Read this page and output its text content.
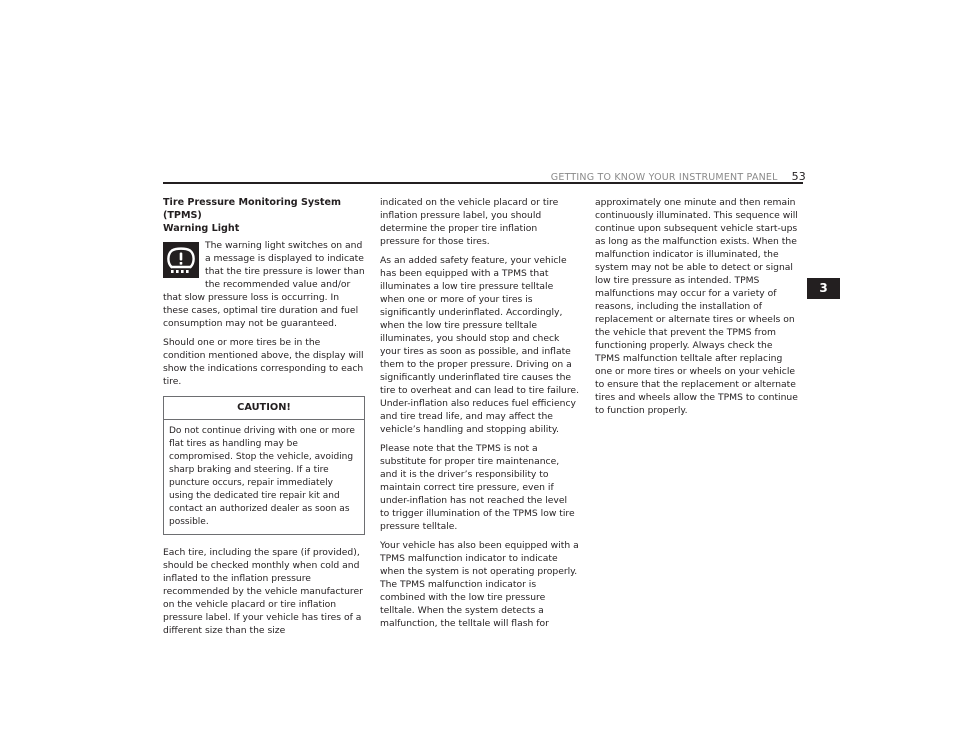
GETTING TO KNOW YOUR INSTRUMENT PANEL 53
3
Tire Pressure Monitoring System (TPMS)
Warning Light

The warning light switches on and a message is displayed to indicate that the tire pressure is lower than the recommended value and/or that slow pressure loss is occurring. In these cases, optimal tire duration and fuel consumption may not be guaranteed.

Should one or more tires be in the condition mentioned above, the display will show the indications corresponding to each tire.

CAUTION!
Do not continue driving with one or more flat tires as handling may be compromised. Stop the vehicle, avoiding sharp braking and steering. If a tire puncture occurs, repair immediately using the dedicated tire repair kit and contact an authorized dealer as soon as possible.

Each tire, including the spare (if provided), should be checked monthly when cold and inflated to the inflation pressure recommended by the vehicle manufacturer on the vehicle placard or tire inflation pressure label. If your vehicle has tires of a different size than the size

indicated on the vehicle placard or tire inflation pressure label, you should determine the proper tire inflation pressure for those tires.

As an added safety feature, your vehicle has been equipped with a TPMS that illuminates a low tire pressure telltale when one or more of your tires is significantly underinflated. Accordingly, when the low tire pressure telltale illuminates, you should stop and check your tires as soon as possible, and inflate them to the proper pressure. Driving on a significantly underinflated tire causes the tire to overheat and can lead to tire failure. Under-inflation also reduces fuel efficiency and tire tread life, and may affect the vehicle’s handling and stopping ability.

Please note that the TPMS is not a substitute for proper tire maintenance, and it is the driver’s responsibility to maintain correct tire pressure, even if under-inflation has not reached the level to trigger illumination of the TPMS low tire pressure telltale.

Your vehicle has also been equipped with a TPMS malfunction indicator to indicate when the system is not operating properly. The TPMS malfunction indicator is combined with the low tire pressure telltale. When the system detects a malfunction, the telltale will flash for

approximately one minute and then remain continuously illuminated. This sequence will continue upon subsequent vehicle start-ups as long as the malfunction exists. When the malfunction indicator is illuminated, the system may not be able to detect or signal low tire pressure as intended. TPMS malfunctions may occur for a variety of reasons, including the installation of replacement or alternate tires or wheels on the vehicle that prevent the TPMS from functioning properly. Always check the TPMS malfunction telltale after replacing one or more tires or wheels on your vehicle to ensure that the replacement or alternate tires and wheels allow the TPMS to continue to function properly.
